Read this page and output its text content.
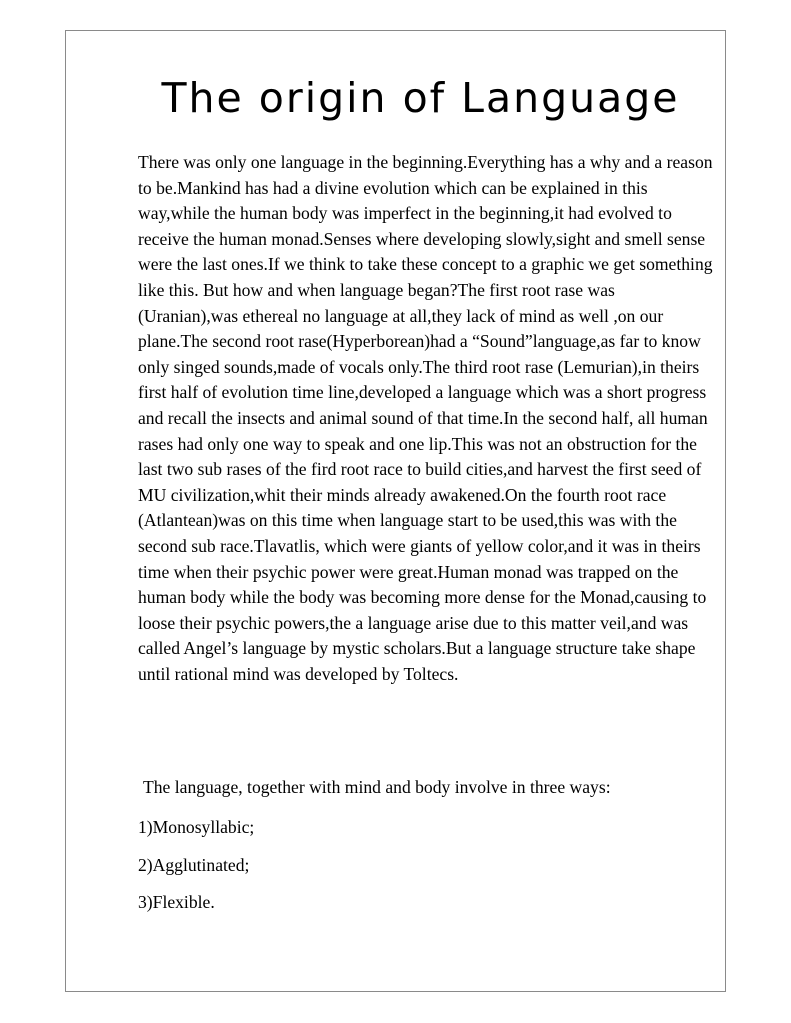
The origin of Language

There was only one language in the beginning.Everything has a why and a reason to be.Mankind has had a divine evolution which can be explained in this way,while the human body was imperfect in the beginning,it had evolved to receive the human monad.Senses where developing slowly,sight and smell sense were the last ones.If we think to take these concept to a graphic we get something like this. But how and when language began?The first root rase was (Uranian),was ethereal no language at all,they lack of mind as well ,on our plane.The second root rase(Hyperborean)had a “Sound”language,as far to know only singed sounds,made of vocals only.The third root rase (Lemurian),in theirs first half of evolution time line,developed a language which was a short progress and recall the insects and animal sound of that time.In the second half, all human rases had only one way to speak and one lip.This was not an obstruction for the last two sub rases of the fird root race to build cities,and harvest the first seed of MU civilization,whit their minds already awakened.On the fourth root race (Atlantean)was on this time when language start to be used,this was with the second sub race.Tlavatlis, which were giants of yellow color,and it was in theirs time when their psychic power were great.Human monad was trapped on the human body while the body was becoming more dense for the Monad,causing to loose their psychic powers,the a language arise due to this matter veil,and was called Angel’s language by mystic scholars.But a language structure take shape until rational mind was developed by Toltecs.

The language, together with mind and body involve in three ways:

1)Monosyllabic;

2)Agglutinated;

3)Flexible.
